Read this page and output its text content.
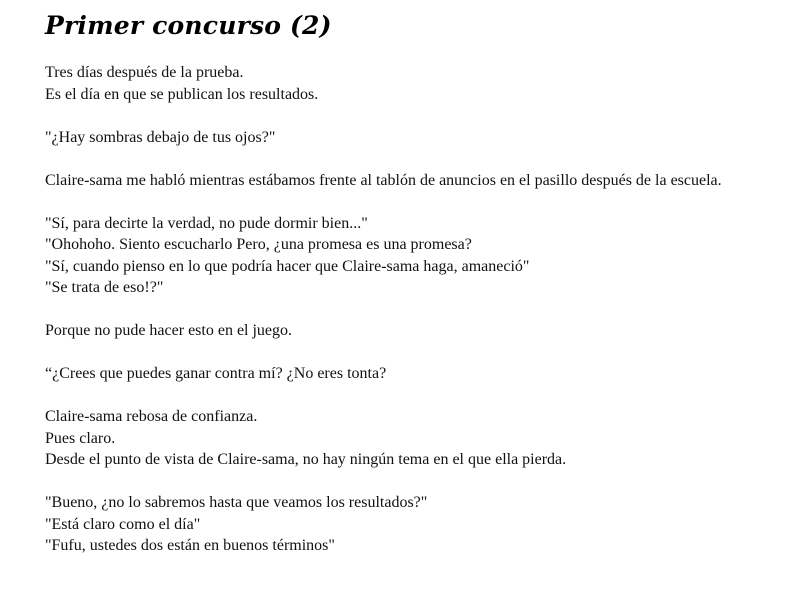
Primer concurso (2)
Tres días después de la prueba.
Es el día en que se publican los resultados.
"¿Hay sombras debajo de tus ojos?"
Claire-sama me habló mientras estábamos frente al tablón de anuncios en el pasillo después de la escuela.
"Sí, para decirte la verdad, no pude dormir bien..."
"Ohohoho. Siento escucharlo Pero, ¿una promesa es una promesa?
"Sí, cuando pienso en lo que podría hacer que Claire-sama haga, amaneció"
"Se trata de eso!?"
Porque no pude hacer esto en el juego.
“¿Crees que puedes ganar contra mí? ¿No eres tonta?
Claire-sama rebosa de confianza.
Pues claro.
Desde el punto de vista de Claire-sama, no hay ningún tema en el que ella pierda.
"Bueno, ¿no lo sabremos hasta que veamos los resultados?"
"Está claro como el día"
"Fufu, ustedes dos están en buenos términos"
